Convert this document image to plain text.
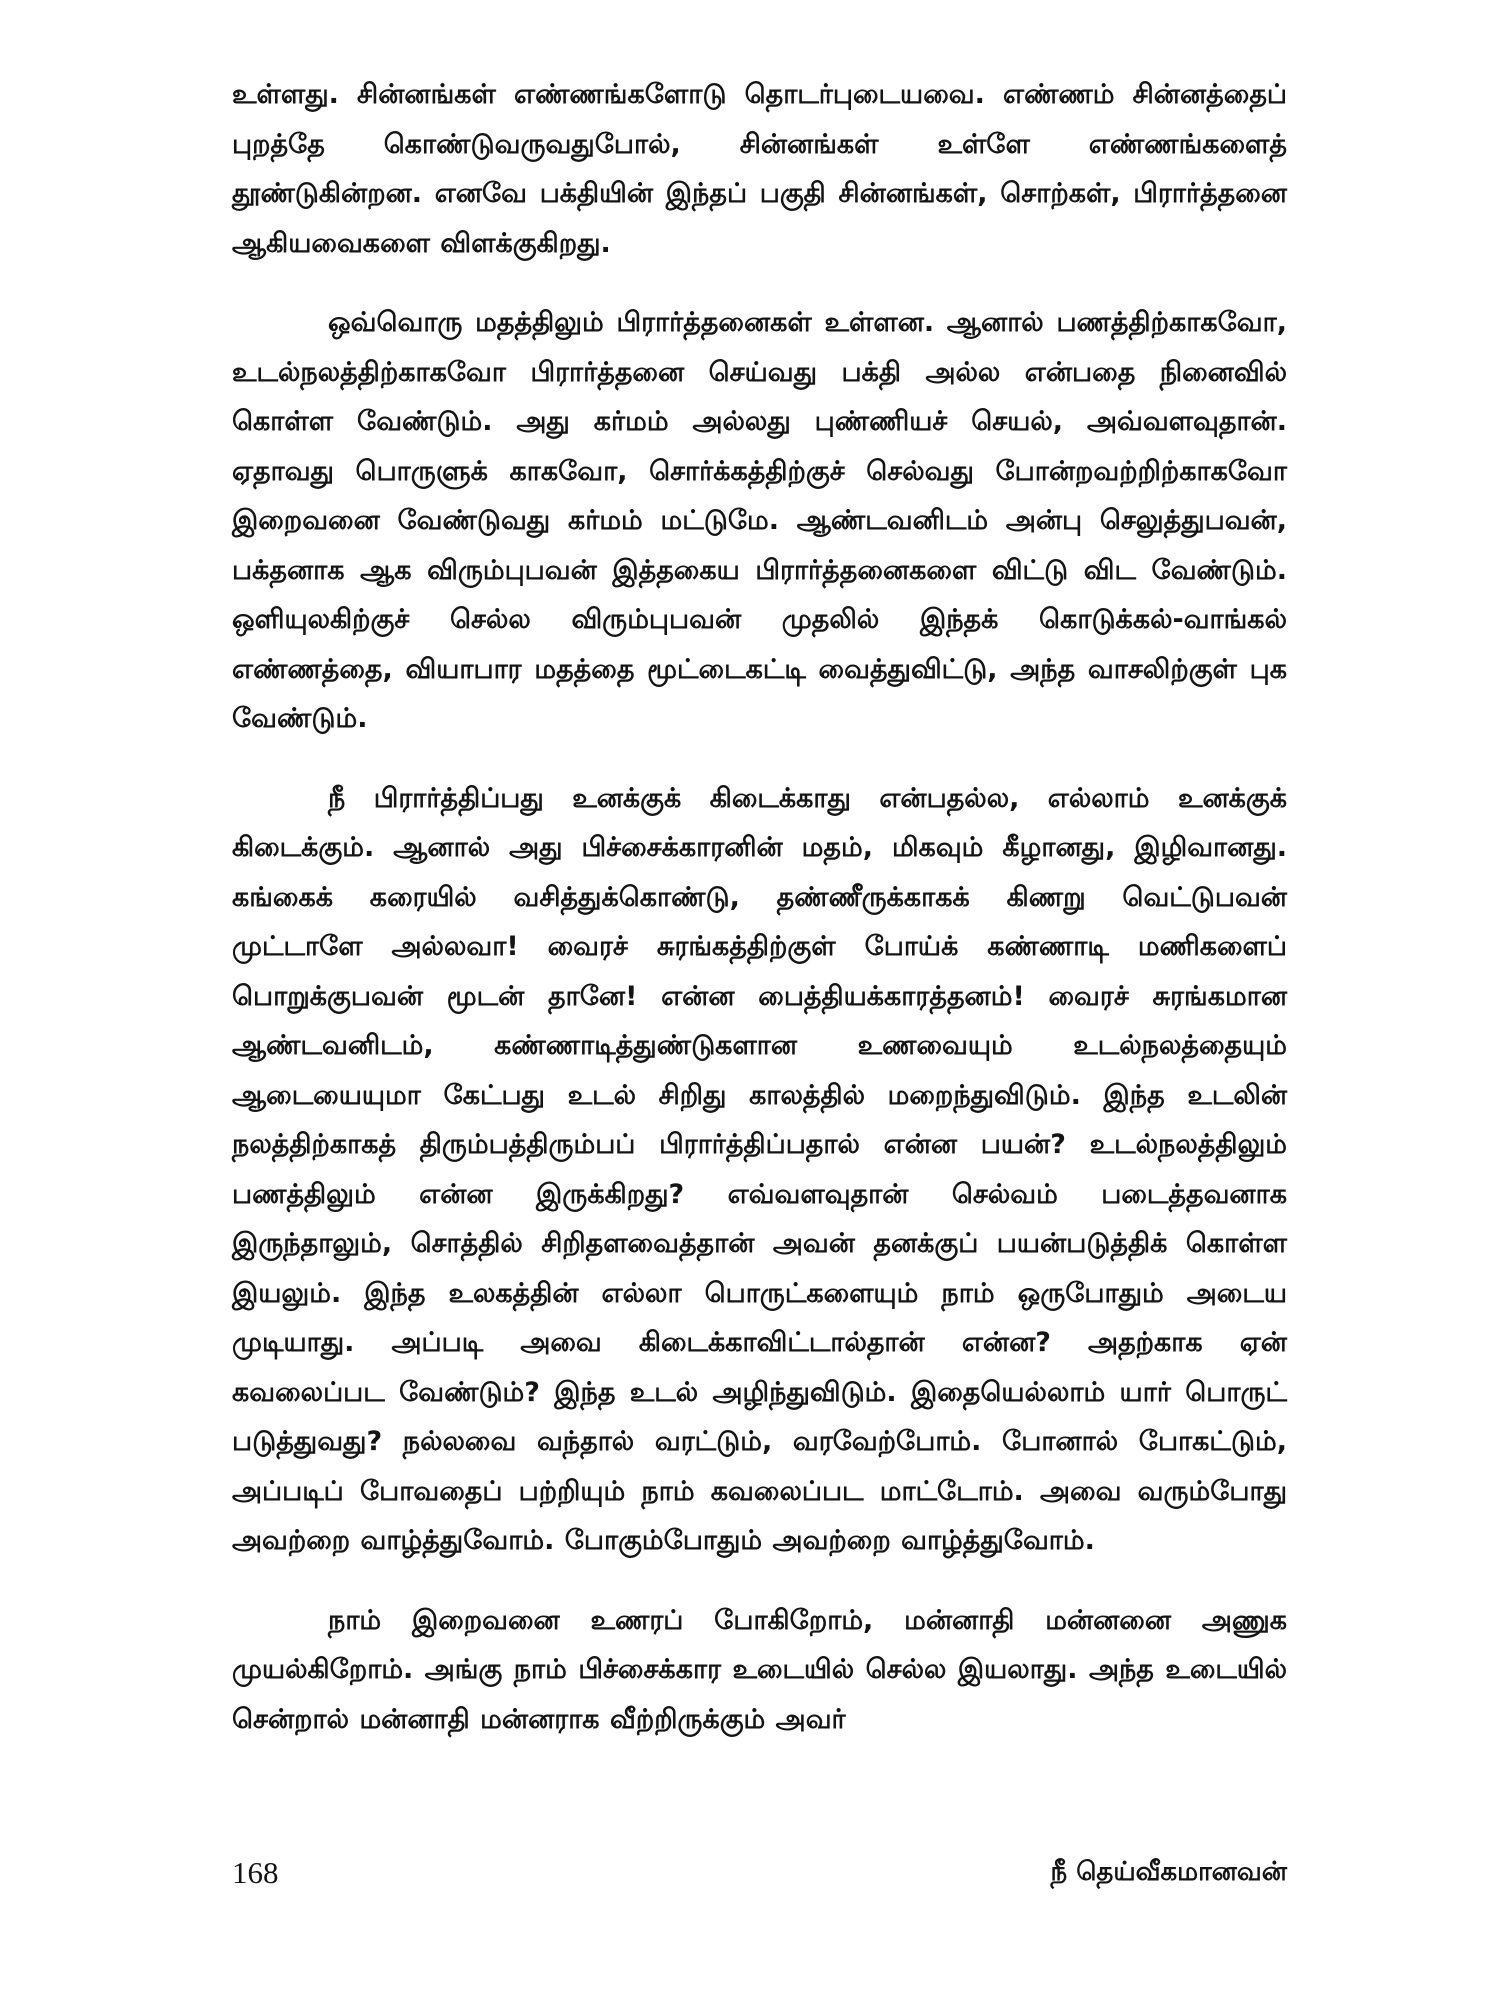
உள்ளது. சின்னங்கள் எண்ணங்களோடு தொடர்புடையவை. எண்ணம் சின்னத்தைப் புறத்தே கொண்டுவருவதுபோல், சின்னங்கள் உள்ளே எண்ணங்களைத் தூண்டுகின்றன. எனவே பக்தியின் இந்தப் பகுதி சின்னங்கள், சொற்கள், பிரார்த்தனை ஆகியவைகளை விளக்குகிறது.

ஒவ்வொரு மதத்திலும் பிரார்த்தனைகள் உள்ளன. ஆனால் பணத்திற்காகவோ, உடல்நலத்திற்காகவோ பிரார்த்தனை செய்வது பக்தி அல்ல என்பதை நினைவில் கொள்ள வேண்டும். அது கர்மம் அல்லது புண்ணியச் செயல், அவ்வளவுதான். ஏதாவது பொருளுக் காகவோ, சொர்க்கத்திற்குச் செல்வது போன்றவற்றிற்காகவோ இறைவனை வேண்டுவது கர்மம் மட்டுமே. ஆண்டவனிடம் அன்பு செலுத்துபவன், பக்தனாக ஆக விரும்புபவன் இத்தகைய பிரார்த்தனைகளை விட்டு விட வேண்டும். ஒளியுலகிற்குச் செல்ல விரும்புபவன் முதலில் இந்தக் கொடுக்கல்-வாங்கல் எண்ணத்தை, வியாபார மதத்தை மூட்டைகட்டி வைத்துவிட்டு, அந்த வாசலிற்குள் புக வேண்டும்.

நீ பிரார்த்திப்பது உனக்குக் கிடைக்காது என்பதல்ல, எல்லாம் உனக்குக் கிடைக்கும். ஆனால் அது பிச்சைக்காரனின் மதம், மிகவும் கீழானது, இழிவானது. கங்கைக் கரையில் வசித்துக்கொண்டு, தண்ணீருக்காகக் கிணறு வெட்டுபவன் முட்டாளே அல்லவா! வைரச் சுரங்கத்திற்குள் போய்க் கண்ணாடி மணிகளைப் பொறுக்குபவன் மூடன் தானே! என்ன பைத்தியக்காரத்தனம்! வைரச் சுரங்கமான ஆண்டவனிடம், கண்ணாடித்துண்டுகளான உணவையும் உடல்நலத்தையும் ஆடையையுமா கேட்பது உடல் சிறிது காலத்தில் மறைந்துவிடும். இந்த உடலின் நலத்திற்காகத் திரும்பத்திரும்பப் பிரார்த்திப்பதால் என்ன பயன்? உடல்நலத்திலும் பணத்திலும் என்ன இருக்கிறது? எவ்வளவுதான் செல்வம் படைத்தவனாக இருந்தாலும், சொத்தில் சிறிதளவைத்தான் அவன் தனக்குப் பயன்படுத்திக் கொள்ள இயலும். இந்த உலகத்தின் எல்லா பொருட்களையும் நாம் ஒருபோதும் அடைய முடியாது. அப்படி அவை கிடைக்காவிட்டால்தான் என்ன? அதற்காக ஏன் கவலைப்பட வேண்டும்? இந்த உடல் அழிந்துவிடும். இதையெல்லாம் யார் பொருட் படுத்துவது? நல்லவை வந்தால் வரட்டும், வரவேற்போம். போனால் போகட்டும், அப்படிப் போவதைப் பற்றியும் நாம் கவலைப்பட மாட்டோம். அவை வரும்போது அவற்றை வாழ்த்துவோம். போகும்போதும் அவற்றை வாழ்த்துவோம்.

நாம் இறைவனை உணரப் போகிறோம், மன்னாதி மன்னனை அணுக முயல்கிறோம். அங்கு நாம் பிச்சைக்கார உடையில் செல்ல இயலாது. அந்த உடையில் சென்றால் மன்னாதி மன்னராக வீற்றிருக்கும் அவர்

168	நீ தெய்வீகமானவன்
